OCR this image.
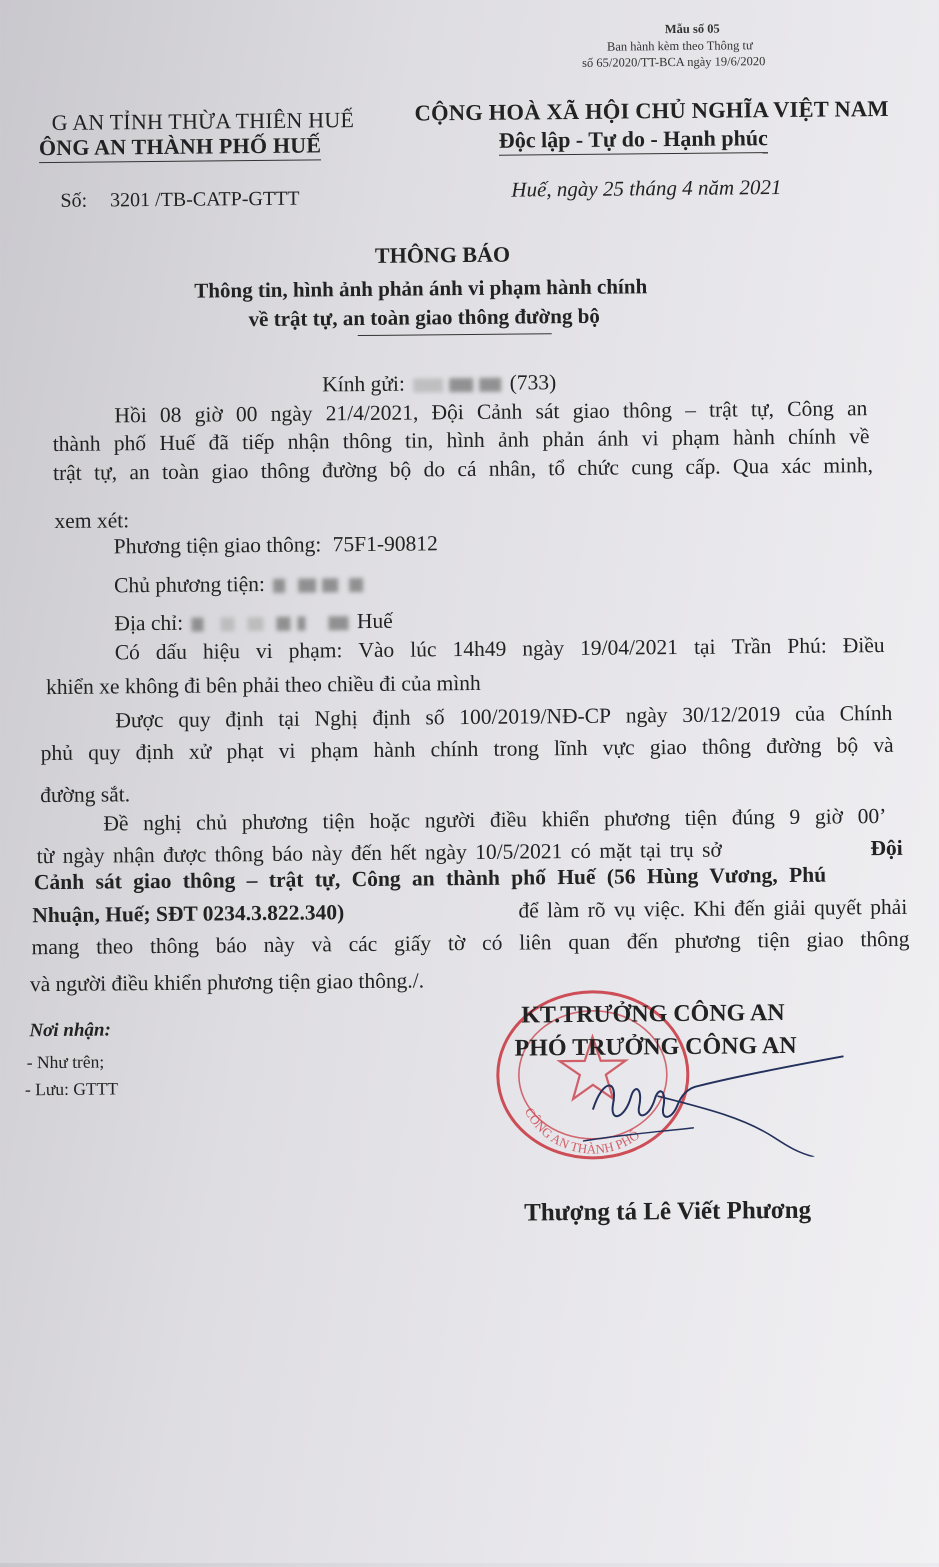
Mẫu số 05
Ban hành kèm theo Thông tư
số 65/2020/TT-BCA ngày 19/6/2020
G AN TỈNH THỪA THIÊN HUẾ
ÔNG AN THÀNH PHỐ HUẾ
Số: 3201 /TB-CATP-GTTT
CỘNG HOÀ XÃ HỘI CHỦ NGHĨA VIỆT NAM
Độc lập - Tự do - Hạnh phúc
Huế, ngày 25 tháng 4 năm 2021
THÔNG BÁO
Thông tin, hình ảnh phản ánh vi phạm hành chính
về trật tự, an toàn giao thông đường bộ
Kính gửi:	(733)
Hồi 08 giờ 00 ngày 21/4/2021, Đội Cảnh sát giao thông – trật tự, Công an
thành phố Huế đã tiếp nhận thông tin, hình ảnh phản ánh vi phạm hành chính về
trật tự, an toàn giao thông đường bộ do cá nhân, tổ chức cung cấp. Qua xác minh,
xem xét:
Phương tiện giao thông: 75F1-90812
Chủ phương tiện:
Địa chỉ:	Huế
Có dấu hiệu vi phạm: Vào lúc 14h49 ngày 19/04/2021 tại Trần Phú: Điều
khiển xe không đi bên phải theo chiều đi của mình
Được quy định tại Nghị định số 100/2019/NĐ-CP ngày 30/12/2019 của Chính
phủ quy định xử phạt vi phạm hành chính trong lĩnh vực giao thông đường bộ và
đường sắt.
Đề nghị chủ phương tiện hoặc người điều khiển phương tiện đúng 9 giờ 00’
từ ngày nhận được thông báo này đến hết ngày 10/5/2021 có mặt tại trụ sở	Đội
Cảnh sát giao thông – trật tự, Công an thành phố Huế (56 Hùng Vương, Phú
Nhuận, Huế; SĐT 0234.3.822.340)	để làm rõ vụ việc. Khi đến giải quyết phải
mang theo thông báo này và các giấy tờ có liên quan đến phương tiện giao thông
và người điều khiển phương tiện giao thông./.
Nơi nhận:
- Như trên;
- Lưu: GTTT
CÔNG AN THÀNH PHỐ
KT.TRƯỞNG CÔNG AN
PHÓ TRƯỞNG CÔNG AN
Thượng tá Lê Viết Phương
